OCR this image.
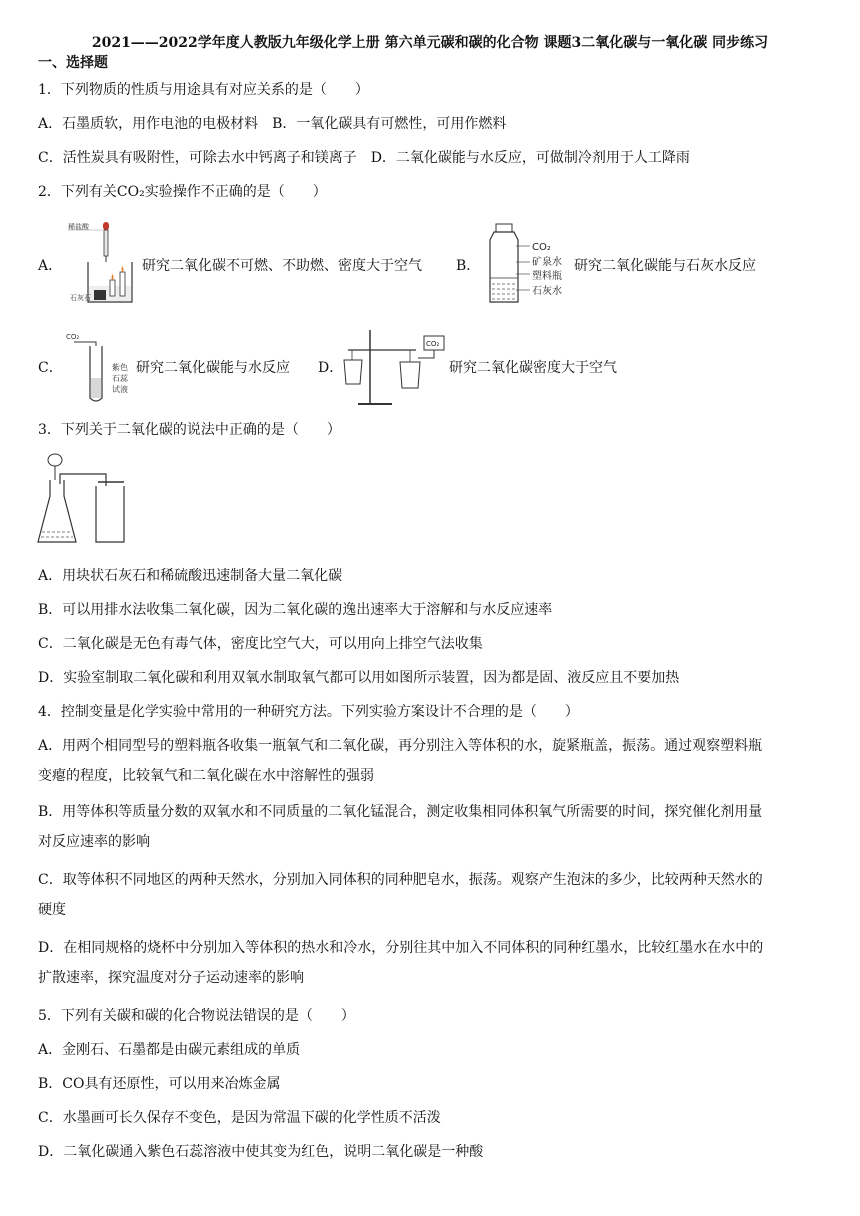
2021——2022学年度人教版九年级化学上册 第六单元碳和碳的化合物 课题3二氧化碳与一氧化碳 同步练习
一、选择题
1．下列物质的性质与用途具有对应关系的是（　　）
A．石墨质软，用作电池的电极材料　B．一氧化碳具有可燃性，可用作燃料
C．活性炭具有吸附性，可除去水中钙离子和镁离子　D．二氧化碳能与水反应，可做制冷剂用于人工降雨
2．下列有关CO₂实验操作不正确的是（　　）
A．
稀盐酸
石灰石
研究二氧化碳不可燃、不助燃、密度大于空气 B．
CO₂
矿泉水
塑料瓶
石灰水
研究二氧化碳能与石灰水反应
C．
CO₂
紫色
石蕊
试液
研究二氧化碳能与水反应 D．
CO₂
研究二氧化碳密度大于空气
3．下列关于二氧化碳的说法中正确的是（　　）
A．用块状石灰石和稀硫酸迅速制备大量二氧化碳
B．可以用排水法收集二氧化碳，因为二氧化碳的逸出速率大于溶解和与水反应速率
C．二氧化碳是无色有毒气体，密度比空气大，可以用向上排空气法收集
D．实验室制取二氧化碳和利用双氧水制取氧气都可以用如图所示装置，因为都是固、液反应且不要加热
4．控制变量是化学实验中常用的一种研究方法。下列实验方案设计不合理的是（　　）
A．用两个相同型号的塑料瓶各收集一瓶氧气和二氧化碳，再分别注入等体积的水，旋紧瓶盖，振荡。通过观察塑料瓶
变瘪的程度，比较氧气和二氧化碳在水中溶解性的强弱
B．用等体积等质量分数的双氧水和不同质量的二氧化锰混合，测定收集相同体积氧气所需要的时间，探究催化剂用量
对反应速率的影响
C．取等体积不同地区的两种天然水，分别加入同体积的同种肥皂水，振荡。观察产生泡沫的多少，比较两种天然水的
硬度
D．在相同规格的烧杯中分别加入等体积的热水和冷水，分别往其中加入不同体积的同种红墨水，比较红墨水在水中的
扩散速率，探究温度对分子运动速率的影响
5．下列有关碳和碳的化合物说法错误的是（　　）
A．金刚石、石墨都是由碳元素组成的单质
B．CO具有还原性，可以用来冶炼金属
C．水墨画可长久保存不变色，是因为常温下碳的化学性质不活泼
D．二氧化碳通入紫色石蕊溶液中使其变为红色，说明二氧化碳是一种酸
